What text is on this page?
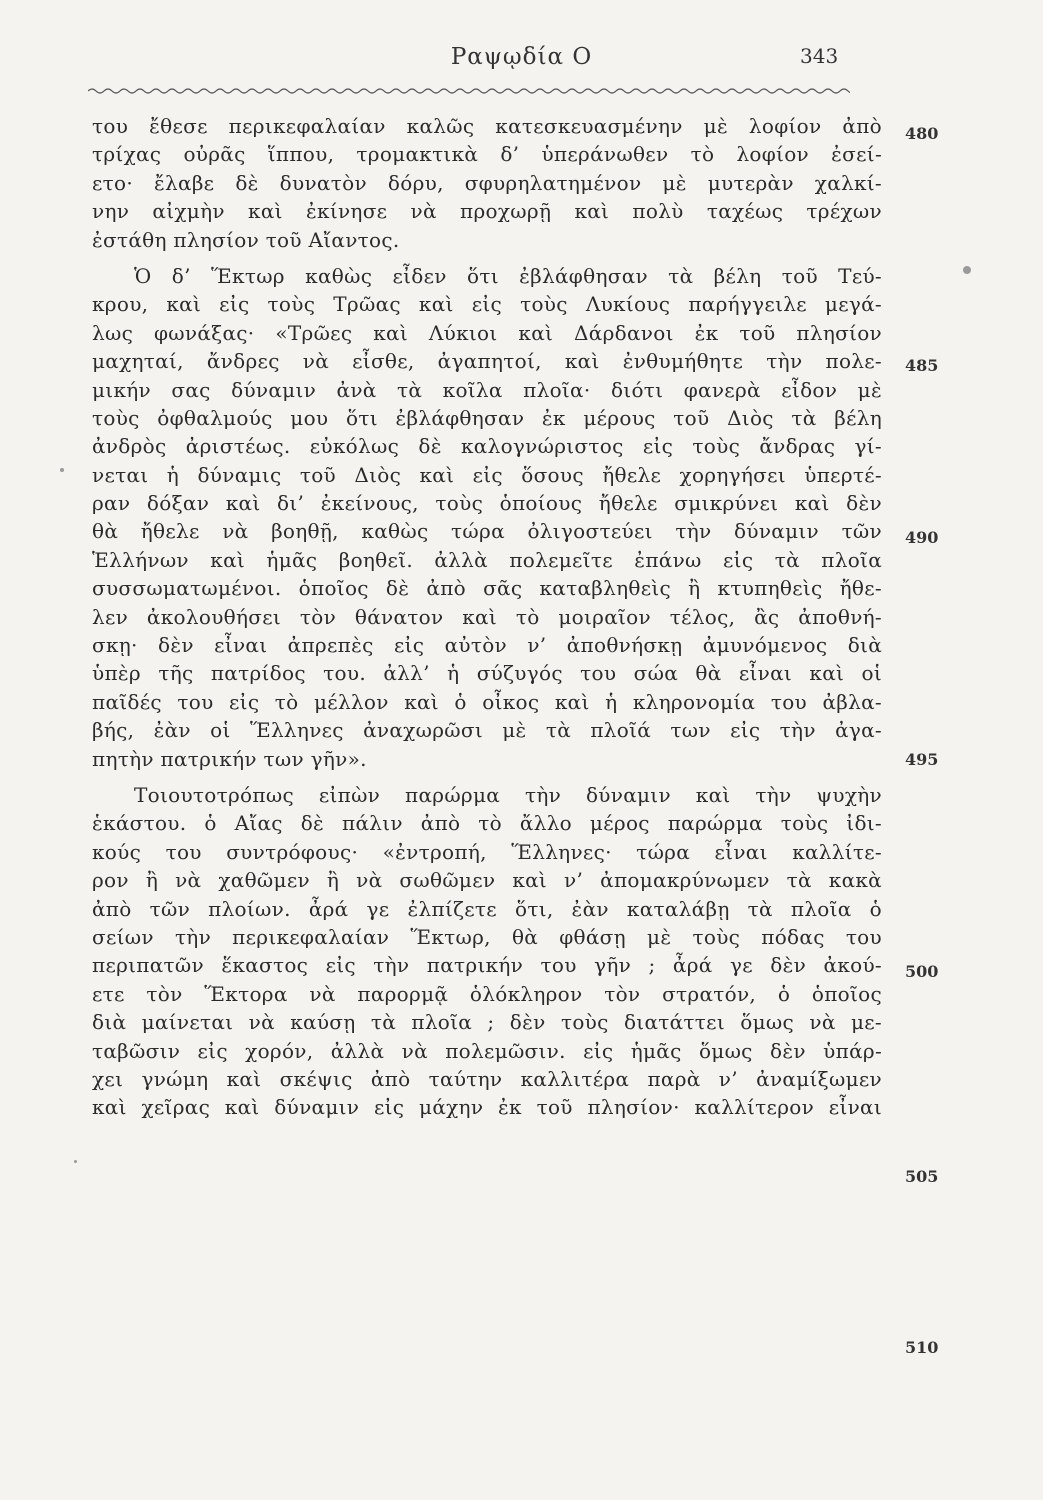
Ραψῳδία Ο	343
του ἔθεσε περικεφαλαίαν καλῶς κατεσκευασμένην μὲ λοφίον ἀπὸ
τρίχας οὐρᾶς ἵππου, τρομακτικὰ δ’ ὑπεράνωθεν τὸ λοφίον ἐσεί-
ετο· ἔλαβε δὲ δυνατὸν δόρυ, σφυρηλατημένον μὲ μυτερὰν χαλκί-
νην αἰχμὴν καὶ ἐκίνησε νὰ προχωρῇ καὶ πολὺ ταχέως τρέχων
ἐστάθη πλησίον τοῦ Αἴαντος.
Ὁ δ’ Ἕκτωρ καθὼς εἶδεν ὅτι ἐβλάφθησαν τὰ βέλη τοῦ Τεύ-
κρου, καὶ εἰς τοὺς Τρῶας καὶ εἰς τοὺς Λυκίους παρήγγειλε μεγά-
λως φωνάξας· «Τρῶες καὶ Λύκιοι καὶ Δάρδανοι ἐκ τοῦ πλησίον
μαχηταί, ἄνδρες νὰ εἶσθε, ἀγαπητοί, καὶ ἐνθυμήθητε τὴν πολε-
μικήν σας δύναμιν ἀνὰ τὰ κοῖλα πλοῖα· διότι φανερὰ εἶδον μὲ
τοὺς ὀφθαλμούς μου ὅτι ἐβλάφθησαν ἐκ μέρους τοῦ Διὸς τὰ βέλη
ἀνδρὸς ἀριστέως. εὐκόλως δὲ καλογνώριστος εἰς τοὺς ἄνδρας γί-
νεται ἡ δύναμις τοῦ Διὸς καὶ εἰς ὅσους ἤθελε χορηγήσει ὑπερτέ-
ραν δόξαν καὶ δι’ ἐκείνους, τοὺς ὁποίους ἤθελε σμικρύνει καὶ δὲν
θὰ ἤθελε νὰ βοηθῇ, καθὼς τώρα ὀλιγοστεύει τὴν δύναμιν τῶν
Ἑλλήνων καὶ ἡμᾶς βοηθεῖ. ἀλλὰ πολεμεῖτε ἐπάνω εἰς τὰ πλοῖα
συσσωματωμένοι. ὁποῖος δὲ ἀπὸ σᾶς καταβληθεὶς ἢ κτυπηθεὶς ἤθε-
λεν ἀκολουθήσει τὸν θάνατον καὶ τὸ μοιραῖον τέλος, ἂς ἀποθνή-
σκῃ· δὲν εἶναι ἀπρεπὲς εἰς αὐτὸν ν’ ἀποθνήσκῃ ἀμυνόμενος διὰ
ὑπὲρ τῆς πατρίδος του. ἀλλ’ ἡ σύζυγός του σώα θὰ εἶναι καὶ οἱ
παῖδές του εἰς τὸ μέλλον καὶ ὁ οἶκος καὶ ἡ κληρονομία του ἀβλα-
βής, ἐὰν οἱ Ἕλληνες ἀναχωρῶσι μὲ τὰ πλοῖά των εἰς τὴν ἀγα-
πητὴν πατρικήν των γῆν».
Τοιουτοτρόπως εἰπὼν παρώρμα τὴν δύναμιν καὶ τὴν ψυχὴν
ἑκάστου. ὁ Αἴας δὲ πάλιν ἀπὸ τὸ ἄλλο μέρος παρώρμα τοὺς ἰδι-
κούς του συντρόφους· «ἐντροπή, Ἕλληνες· τώρα εἶναι καλλίτε-
ρον ἢ νὰ χαθῶμεν ἢ νὰ σωθῶμεν καὶ ν’ ἀπομακρύνωμεν τὰ κακὰ
ἀπὸ τῶν πλοίων. ἆρά γε ἐλπίζετε ὅτι, ἐὰν καταλάβῃ τὰ πλοῖα ὁ
σείων τὴν περικεφαλαίαν Ἕκτωρ, θὰ φθάσῃ μὲ τοὺς πόδας του
περιπατῶν ἕκαστος εἰς τὴν πατρικήν του γῆν ; ἆρά γε δὲν ἀκού-
ετε τὸν Ἕκτορα νὰ παρορμᾷ ὁλόκληρον τὸν στρατόν, ὁ ὁποῖος
διὰ μαίνεται νὰ καύσῃ τὰ πλοῖα ; δὲν τοὺς διατάττει ὅμως νὰ με-
ταβῶσιν εἰς χορόν, ἀλλὰ νὰ πολεμῶσιν. εἰς ἡμᾶς ὅμως δὲν ὑπάρ-
χει γνώμη καὶ σκέψις ἀπὸ ταύτην καλλιτέρα παρὰ ν’ ἀναμίξωμεν
καὶ χεῖρας καὶ δύναμιν εἰς μάχην ἐκ τοῦ πλησίον· καλλίτερον εἶναι
480
485
490
495
500
505
510
